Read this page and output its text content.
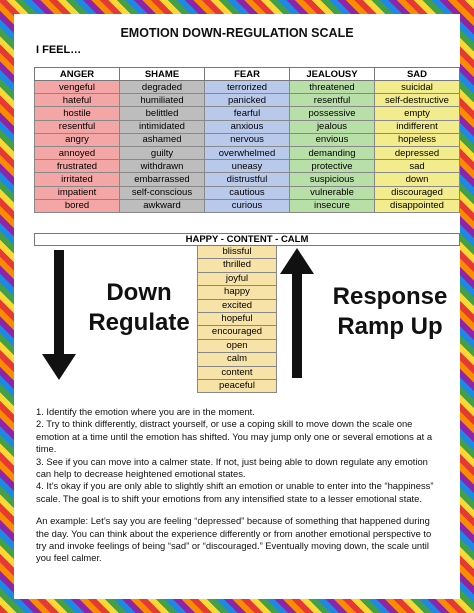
EMOTION DOWN-REGULATION SCALE
I FEEL…
ANGER	SHAME	FEAR	JEALOUSY	SAD
vengeful	degraded	terrorized	threatened	suicidal
hateful	humiliated	panicked	resentful	self-destructive
hostile	belittled	fearful	possessive	empty
resentful	intimidated	anxious	jealous	indifferent
angry	ashamed	nervous	envious	hopeless
annoyed	guilty	overwhelmed	demanding	depressed
frustrated	withdrawn	uneasy	protective	sad
irritated	embarrassed	distrustful	suspicious	down
impatient	self-conscious	cautious	vulnerable	discouraged
bored	awkward	curious	insecure	disappointed
HAPPY - CONTENT - CALM
blissful
thrilled
joyful
happy
excited
hopeful
encouraged
open
calm
content
peaceful
Down
Regulate
Response
Ramp Up

1. Identify the emotion where you are in the moment.

2. Try to think differently, distract yourself, or use a coping skill to move down the scale one emotion at a time until the emotion has shifted. You may jump only one or several emotions at a time.

3. See if you can move into a calmer state. If not, just being able to down regulate any emotion can help to decrease heightened emotional states.

4. It’s okay if you are only able to slightly shift an emotion or unable to enter into the “happiness” scale. The goal is to shift your emotions from any intensified state to a lesser emotional state.

An example: Let’s say you are feeling “depressed” because of something that happened during the day. You can think about the experience differently or from another emotional perspective to try and invoke feelings of being “sad” or “discouraged.” Eventually moving down, the scale until you feel calmer.
